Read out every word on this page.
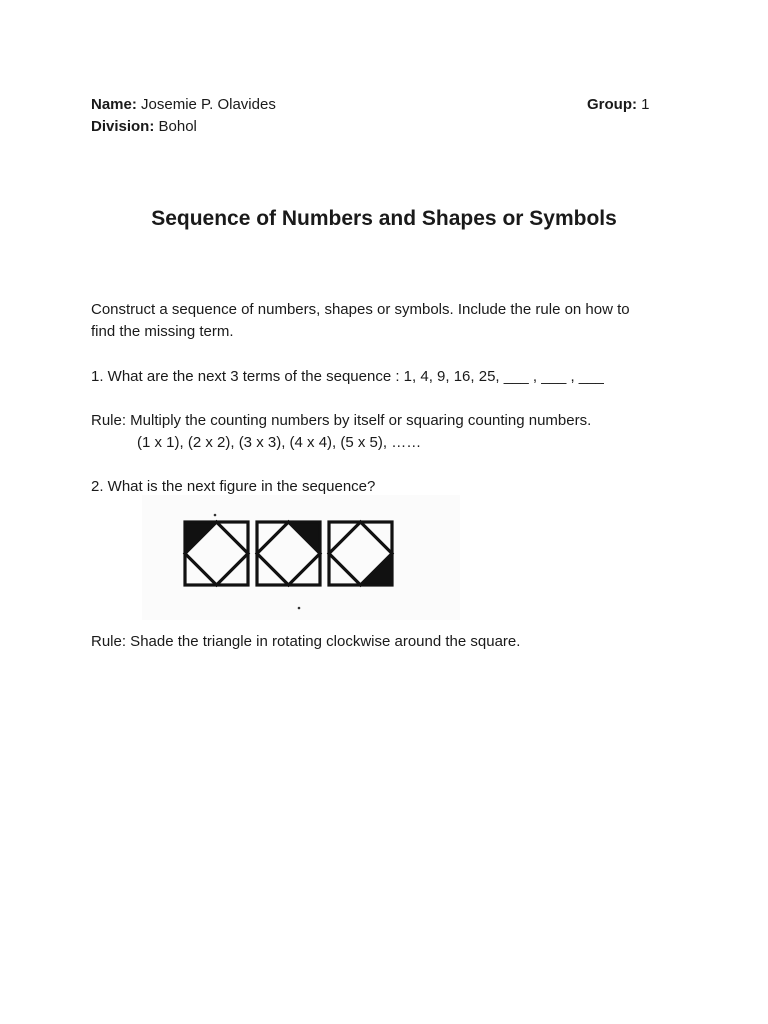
Name: Josemie P. Olavides	Group: 1
Division: Bohol
Sequence of Numbers and Shapes or Symbols
Construct a sequence of numbers, shapes or symbols. Include the rule on how to
find the missing term.
1. What are the next 3 terms of the sequence : 1, 4, 9, 16, 25, ___ , ___ , ___
Rule: Multiply the counting numbers by itself or squaring counting numbers.
(1 x 1), (2 x 2), (3 x 3), (4 x 4), (5 x 5), ……
2. What is the next figure in the sequence?
Rule: Shade the triangle in rotating clockwise around the square.
